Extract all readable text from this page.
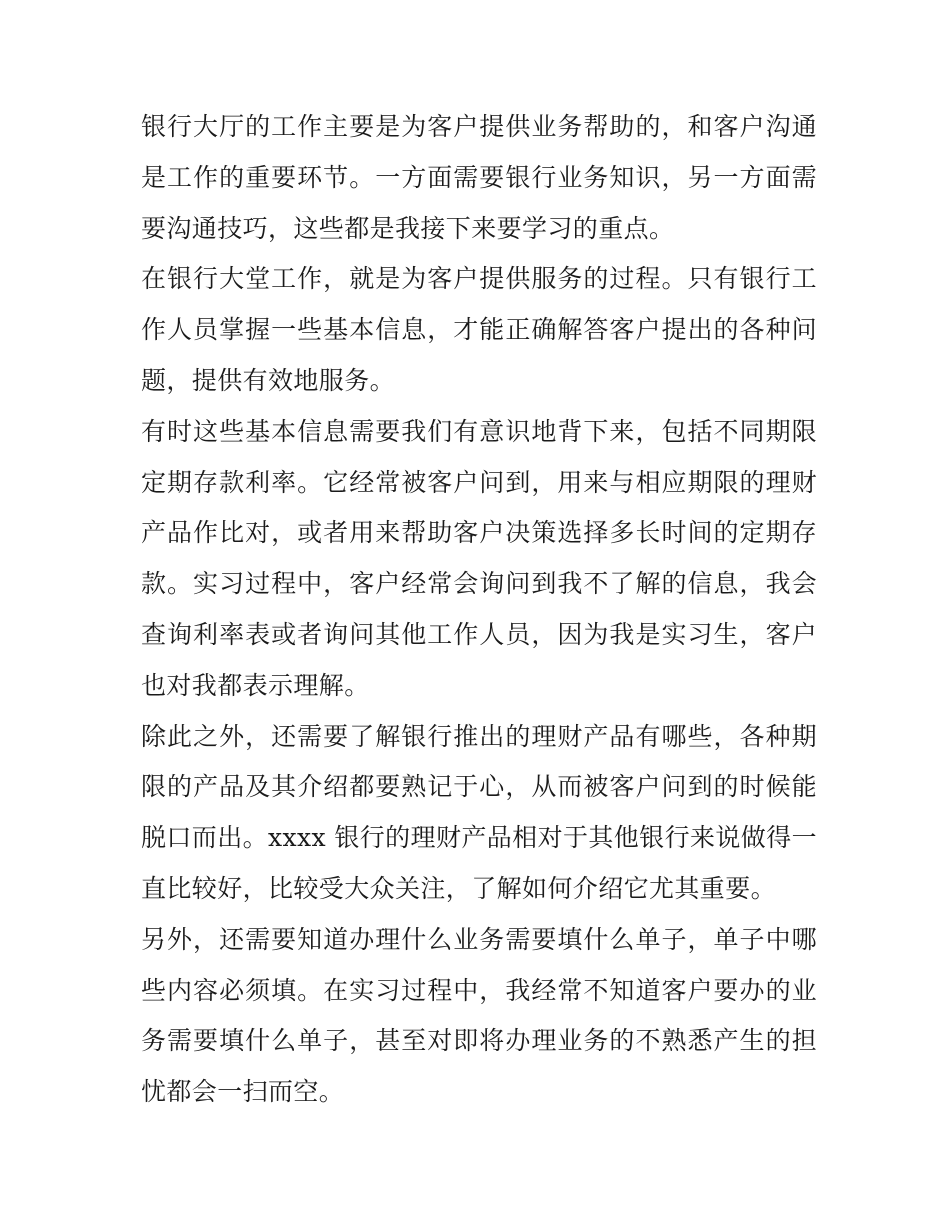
银行大厅的工作主要是为客户提供业务帮助的，和客户沟通是工作的重要环节。一方面需要银行业务知识，另一方面需要沟通技巧，这些都是我接下来要学习的重点。

在银行大堂工作，就是为客户提供服务的过程。只有银行工作人员掌握一些基本信息，才能正确解答客户提出的各种问题，提供有效地服务。

有时这些基本信息需要我们有意识地背下来，包括不同期限定期存款利率。它经常被客户问到，用来与相应期限的理财产品作比对，或者用来帮助客户决策选择多长时间的定期存款。实习过程中，客户经常会询问到我不了解的信息，我会查询利率表或者询问其他工作人员，因为我是实习生，客户也对我都表示理解。

除此之外，还需要了解银行推出的理财产品有哪些，各种期限的产品及其介绍都要熟记于心，从而被客户问到的时候能脱口而出。xxxx 银行的理财产品相对于其他银行来说做得一直比较好，比较受大众关注，了解如何介绍它尤其重要。

另外，还需要知道办理什么业务需要填什么单子，单子中哪些内容必须填。在实习过程中，我经常不知道客户要办的业务需要填什么单子，甚至对即将办理业务的不熟悉产生的担忧都会一扫而空。
